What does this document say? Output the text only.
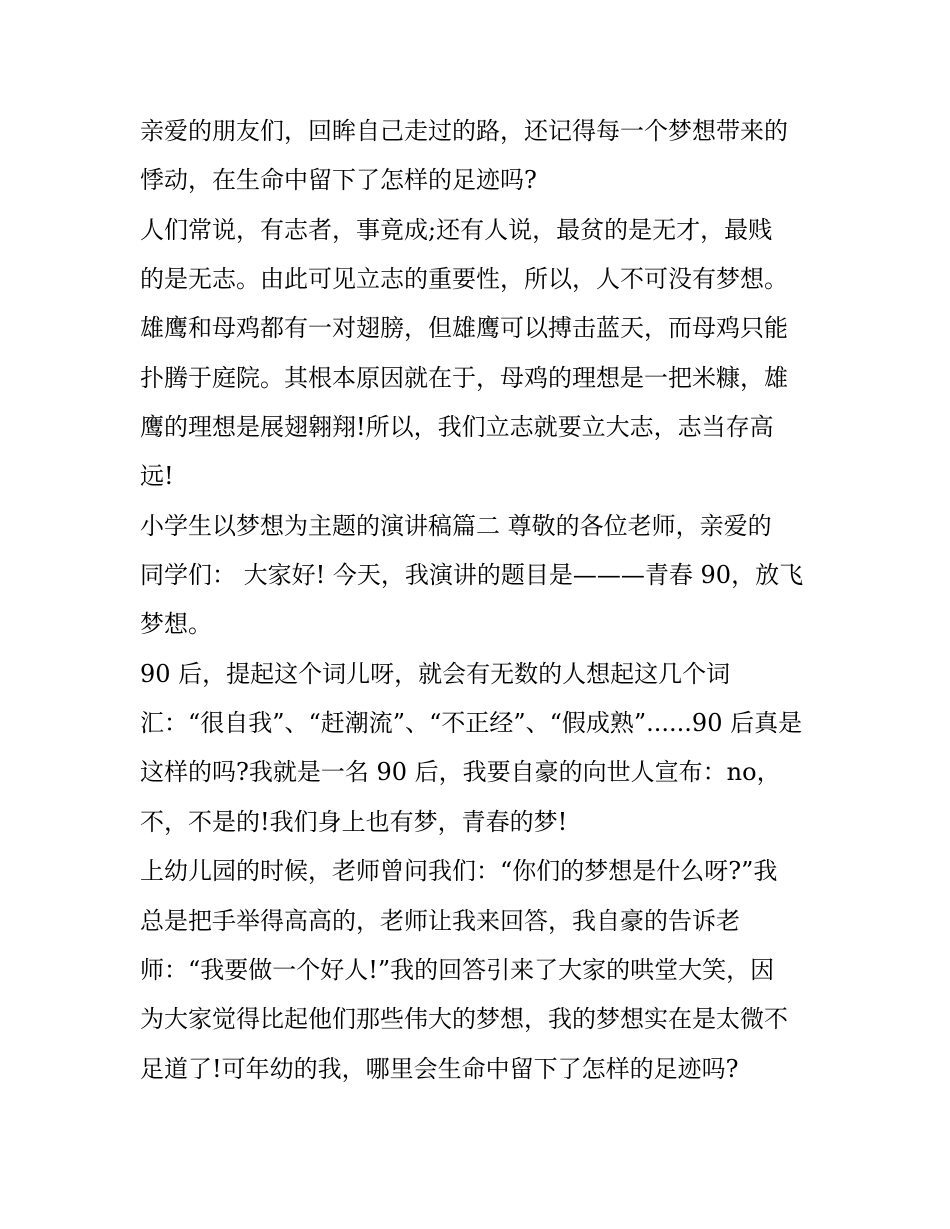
亲爱的朋友们，回眸自己走过的路，还记得每一个梦想带来的
悸动，在生命中留下了怎样的足迹吗?
人们常说，有志者，事竟成;还有人说，最贫的是无才，最贱
的是无志。由此可见立志的重要性，所以，人不可没有梦想。
雄鹰和母鸡都有一对翅膀，但雄鹰可以搏击蓝天，而母鸡只能
扑腾于庭院。其根本原因就在于，母鸡的理想是一把米糠，雄
鹰的理想是展翅翱翔!所以，我们立志就要立大志，志当存高
远!
小学生以梦想为主题的演讲稿篇二 尊敬的各位老师，亲爱的
同学们： 大家好! 今天，我演讲的题目是———青春 90，放飞
梦想。
90 后，提起这个词儿呀，就会有无数的人想起这几个词
汇：“很自我”、“赶潮流”、“不正经”、“假成熟”......90 后真是
这样的吗?我就是一名 90 后，我要自豪的向世人宣布：no，
不，不是的!我们身上也有梦，青春的梦!
上幼儿园的时候，老师曾问我们：“你们的梦想是什么呀?”我
总是把手举得高高的，老师让我来回答，我自豪的告诉老
师：“我要做一个好人!”我的回答引来了大家的哄堂大笑，因
为大家觉得比起他们那些伟大的梦想，我的梦想实在是太微不
足道了!可年幼的我，哪里会生命中留下了怎样的足迹吗?
